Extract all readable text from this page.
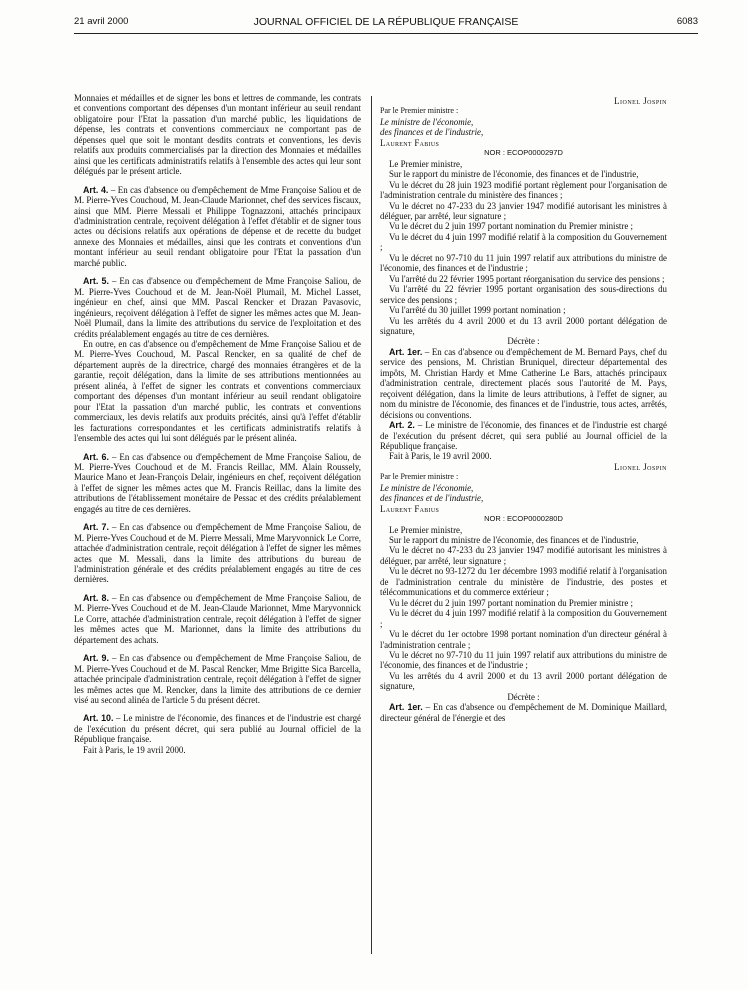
21 avril 2000	JOURNAL OFFICIEL DE LA RÉPUBLIQUE FRANÇAISE	6083

Monnaies et médailles et de signer les bons et lettres de commande, les contrats et conventions comportant des dépenses d'un montant inférieur au seuil rendant obligatoire pour l'Etat la passation d'un marché public, les liquidations de dépense, les contrats et conventions commerciaux ne comportant pas de dépenses quel que soit le montant desdits contrats et conventions, les devis relatifs aux produits commercialisés par la direction des Monnaies et médailles ainsi que les certificats administratifs relatifs à l'ensemble des actes qui leur sont délégués par le présent article.

Art. 4. – En cas d'absence ou d'empêchement de Mme Françoise Saliou et de M. Pierre-Yves Couchoud, M. Jean-Claude Marionnet, chef des services fiscaux, ainsi que MM. Pierre Messali et Philippe Tognazzoni, attachés principaux d'administration centrale, reçoivent délégation à l'effet d'établir et de signer tous actes ou décisions relatifs aux opérations de dépense et de recette du budget annexe des Monnaies et médailles, ainsi que les contrats et conventions d'un montant inférieur au seuil rendant obligatoire pour l'Etat la passation d'un marché public.

Art. 5. – En cas d'absence ou d'empêchement de Mme Françoise Saliou, de M. Pierre-Yves Couchoud et de M. Jean-Noël Plumail, M. Michel Lasset, ingénieur en chef, ainsi que MM. Pascal Rencker et Drazan Pavasovic, ingénieurs, reçoivent délégation à l'effet de signer les mêmes actes que M. Jean-Noël Plumail, dans la limite des attributions du service de l'exploitation et des crédits préalablement engagés au titre de ces dernières.

En outre, en cas d'absence ou d'empêchement de Mme Françoise Saliou et de M. Pierre-Yves Couchoud, M. Pascal Rencker, en sa qualité de chef de département auprès de la directrice, chargé des monnaies étrangères et de la garantie, reçoit délégation, dans la limite de ses attributions mentionnées au présent alinéa, à l'effet de signer les contrats et conventions commerciaux comportant des dépenses d'un montant inférieur au seuil rendant obligatoire pour l'Etat la passation d'un marché public, les contrats et conventions commerciaux, les devis relatifs aux produits précités, ainsi qu'à l'effet d'établir les facturations correspondantes et les certificats administratifs relatifs à l'ensemble des actes qui lui sont délégués par le présent alinéa.

Art. 6. – En cas d'absence ou d'empêchement de Mme Françoise Saliou, de M. Pierre-Yves Couchoud et de M. Francis Reillac, MM. Alain Roussely, Maurice Mano et Jean-François Delair, ingénieurs en chef, reçoivent délégation à l'effet de signer les mêmes actes que M. Francis Reillac, dans la limite des attributions de l'établissement monétaire de Pessac et des crédits préalablement engagés au titre de ces dernières.

Art. 7. – En cas d'absence ou d'empêchement de Mme Françoise Saliou, de M. Pierre-Yves Couchoud et de M. Pierre Messali, Mme Maryvonnick Le Corre, attachée d'administration centrale, reçoit délégation à l'effet de signer les mêmes actes que M. Messali, dans la limite des attributions du bureau de l'administration générale et des crédits préalablement engagés au titre de ces dernières.

Art. 8. – En cas d'absence ou d'empêchement de Mme Françoise Saliou, de M. Pierre-Yves Couchoud et de M. Jean-Claude Marionnet, Mme Maryvonnick Le Corre, attachée d'administration centrale, reçoit délégation à l'effet de signer les mêmes actes que M. Marionnet, dans la limite des attributions du département des achats.

Art. 9. – En cas d'absence ou d'empêchement de Mme Françoise Saliou, de M. Pierre-Yves Couchoud et de M. Pascal Rencker, Mme Brigitte Sica Barcella, attachée principale d'administration centrale, reçoit délégation à l'effet de signer les mêmes actes que M. Rencker, dans la limite des attributions de ce dernier visé au second alinéa de l'article 5 du présent décret.

Art. 10. – Le ministre de l'économie, des finances et de l'industrie est chargé de l'exécution du présent décret, qui sera publié au Journal officiel de la République française.

Fait à Paris, le 19 avril 2000.

Lionel Jospin

Par le Premier ministre :

Le ministre de l'économie,

des finances et de l'industrie,

Laurent Fabius

NOR : ECOP0000297D

Le Premier ministre,

Sur le rapport du ministre de l'économie, des finances et de l'industrie,

Vu le décret du 28 juin 1923 modifié portant règlement pour l'organisation de l'administration centrale du ministère des finances ;

Vu le décret no 47-233 du 23 janvier 1947 modifié autorisant les ministres à déléguer, par arrêté, leur signature ;

Vu le décret du 2 juin 1997 portant nomination du Premier ministre ;

Vu le décret du 4 juin 1997 modifié relatif à la composition du Gouvernement ;

Vu le décret no 97-710 du 11 juin 1997 relatif aux attributions du ministre de l'économie, des finances et de l'industrie ;

Vu l'arrêté du 22 février 1995 portant réorganisation du service des pensions ;

Vu l'arrêté du 22 février 1995 portant organisation des sous-directions du service des pensions ;

Vu l'arrêté du 30 juillet 1999 portant nomination ;

Vu les arrêtés du 4 avril 2000 et du 13 avril 2000 portant délégation de signature,

Décrète :

Art. 1er. – En cas d'absence ou d'empêchement de M. Bernard Pays, chef du service des pensions, M. Christian Bruniquel, directeur départemental des impôts, M. Christian Hardy et Mme Catherine Le Bars, attachés principaux d'administration centrale, directement placés sous l'autorité de M. Pays, reçoivent délégation, dans la limite de leurs attributions, à l'effet de signer, au nom du ministre de l'économie, des finances et de l'industrie, tous actes, arrêtés, décisions ou conventions.

Art. 2. – Le ministre de l'économie, des finances et de l'industrie est chargé de l'exécution du présent décret, qui sera publié au Journal officiel de la République française.

Fait à Paris, le 19 avril 2000.

Lionel Jospin

Par le Premier ministre :

Le ministre de l'économie,

des finances et de l'industrie,

Laurent Fabius

NOR : ECOP0000280D

Le Premier ministre,

Sur le rapport du ministre de l'économie, des finances et de l'industrie,

Vu le décret no 47-233 du 23 janvier 1947 modifié autorisant les ministres à déléguer, par arrêté, leur signature ;

Vu le décret no 93-1272 du 1er décembre 1993 modifié relatif à l'organisation de l'administration centrale du ministère de l'industrie, des postes et télécommunications et du commerce extérieur ;

Vu le décret du 2 juin 1997 portant nomination du Premier ministre ;

Vu le décret du 4 juin 1997 modifié relatif à la composition du Gouvernement ;

Vu le décret du 1er octobre 1998 portant nomination d'un directeur général à l'administration centrale ;

Vu le décret no 97-710 du 11 juin 1997 relatif aux attributions du ministre de l'économie, des finances et de l'industrie ;

Vu les arrêtés du 4 avril 2000 et du 13 avril 2000 portant délégation de signature,

Décrète :

Art. 1er. – En cas d'absence ou d'empêchement de M. Dominique Maillard, directeur général de l'énergie et des
